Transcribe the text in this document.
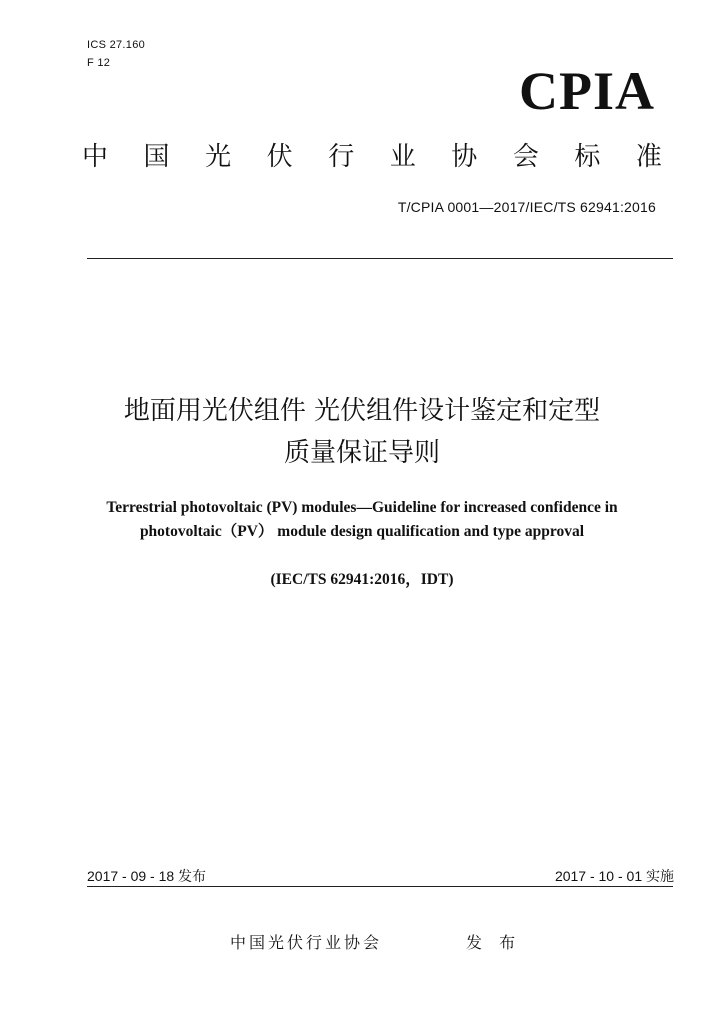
ICS 27.160
F 12	CPIA
中 国 光 伏 行 业 协 会 标 准
T/CPIA 0001—2017/IEC/TS 62941:2016
地面用光伏组件 光伏组件设计鉴定和定型
质量保证导则
Terrestrial photovoltaic (PV) modules—Guideline for increased confidence in
photovoltaic（PV） module design qualification and type approval
(IEC/TS 62941:2016，IDT)
2017 - 09 - 18 发布	2017 - 10 - 01 实施
中国光伏行业协会	发 布
